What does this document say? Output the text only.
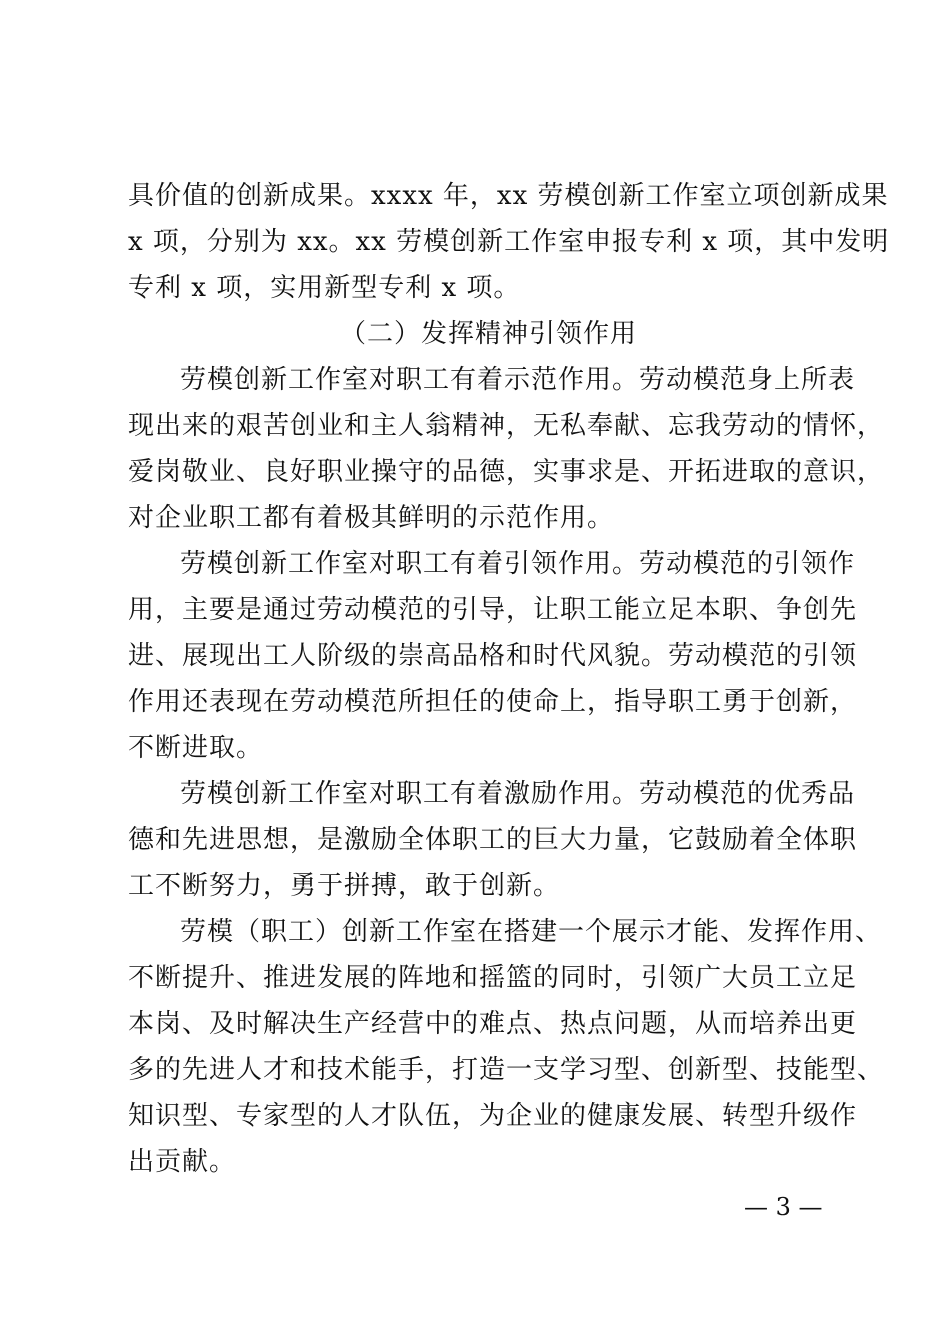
具价值的创新成果。xxxx 年，xx 劳模创新工作室立项创新成果
x 项，分别为 xx。xx 劳模创新工作室申报专利 x 项，其中发明
专利 x 项，实用新型专利 x 项。
（二）发挥精神引领作用
劳模创新工作室对职工有着示范作用。劳动模范身上所表
现出来的艰苦创业和主人翁精神，无私奉献、忘我劳动的情怀，
爱岗敬业、良好职业操守的品德，实事求是、开拓进取的意识，
对企业职工都有着极其鲜明的示范作用。
劳模创新工作室对职工有着引领作用。劳动模范的引领作
用，主要是通过劳动模范的引导，让职工能立足本职、争创先
进、展现出工人阶级的崇高品格和时代风貌。劳动模范的引领
作用还表现在劳动模范所担任的使命上，指导职工勇于创新，
不断进取。
劳模创新工作室对职工有着激励作用。劳动模范的优秀品
德和先进思想，是激励全体职工的巨大力量，它鼓励着全体职
工不断努力，勇于拼搏，敢于创新。
劳模（职工）创新工作室在搭建一个展示才能、发挥作用、
不断提升、推进发展的阵地和摇篮的同时，引领广大员工立足
本岗、及时解决生产经营中的难点、热点问题，从而培养出更
多的先进人才和技术能手，打造一支学习型、创新型、技能型、
知识型、专家型的人才队伍，为企业的健康发展、转型升级作
出贡献。
— 3 —
